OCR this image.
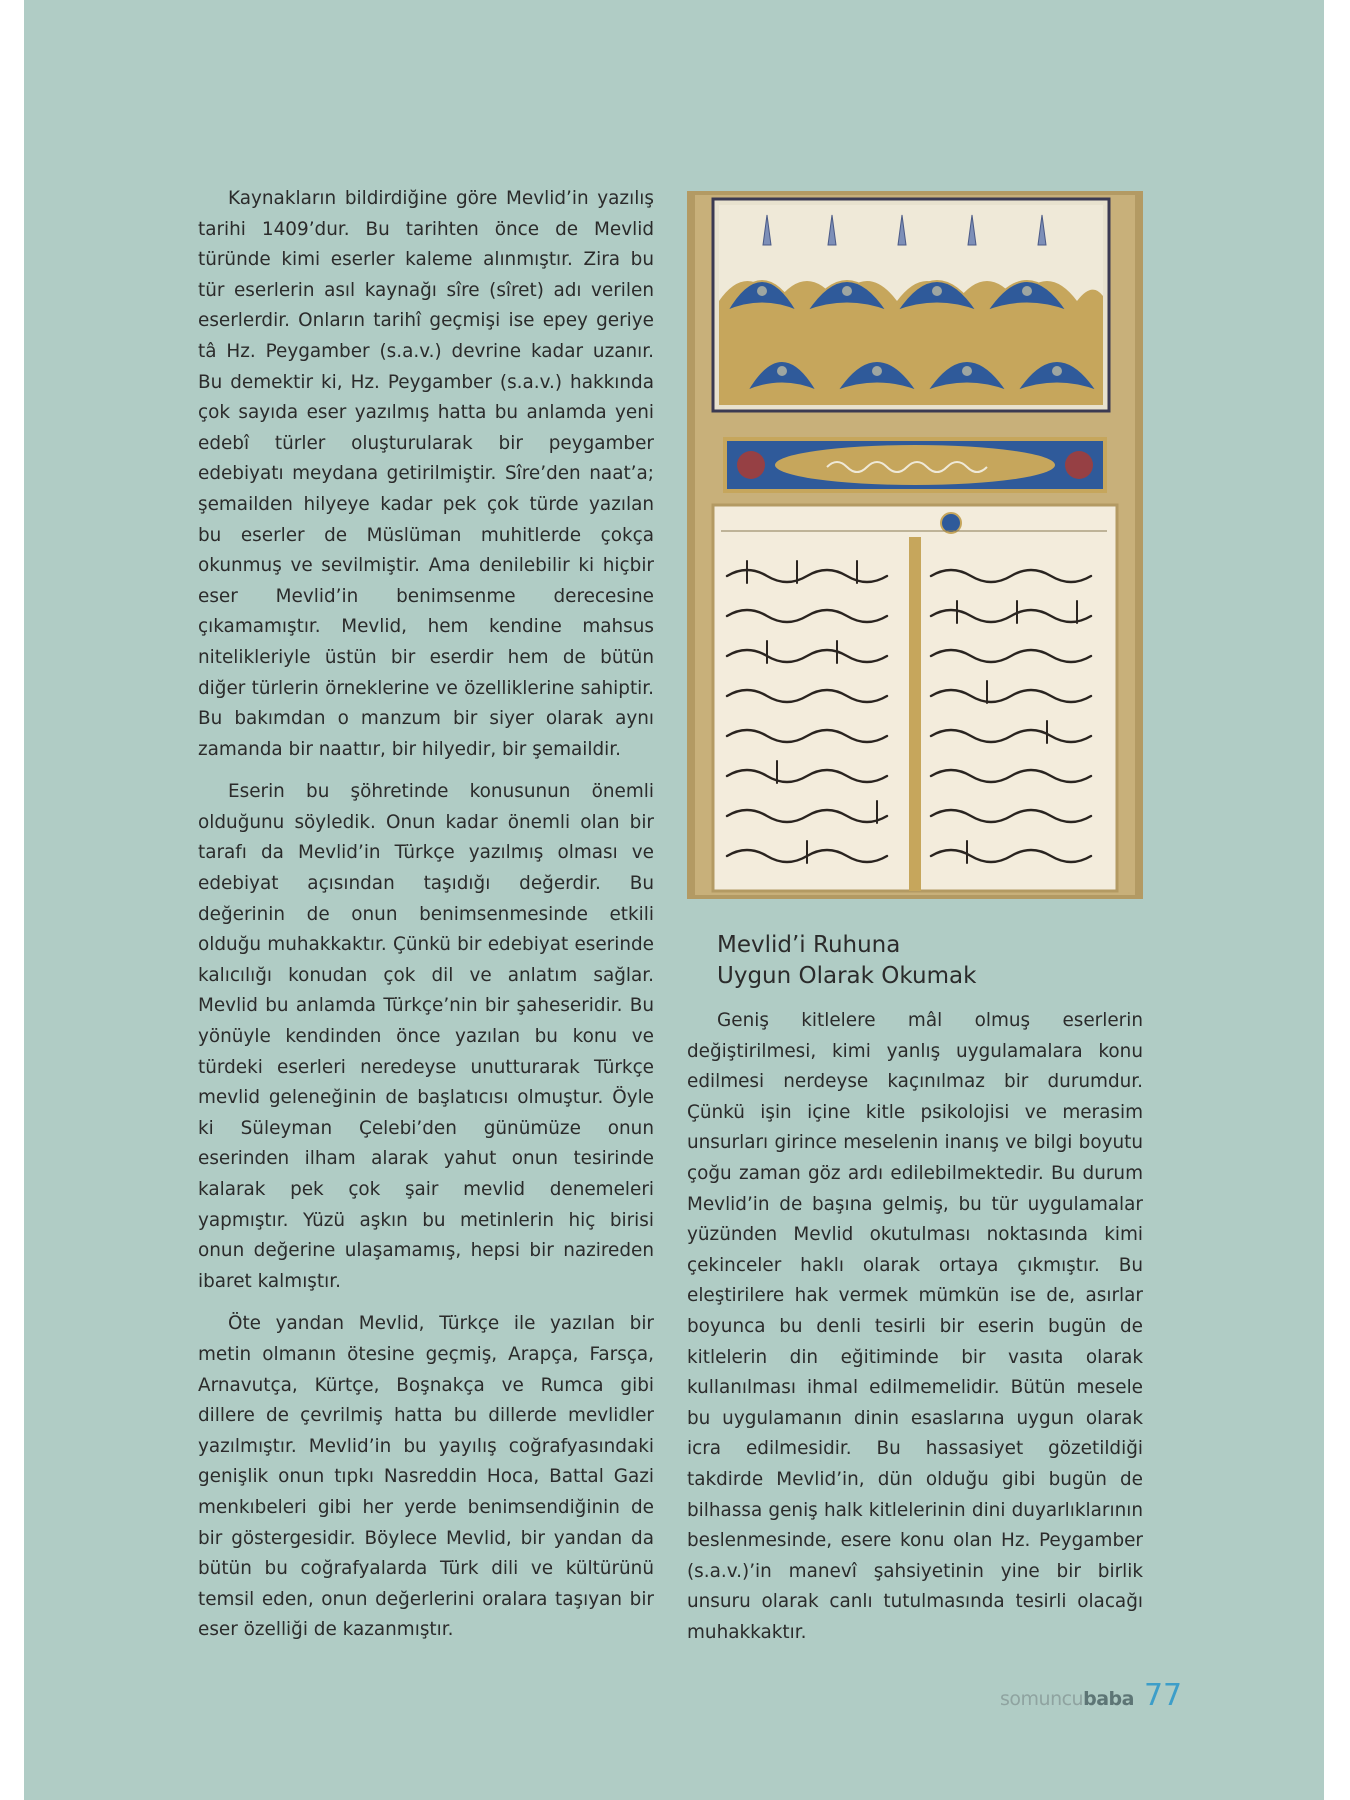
Kaynakların bildirdiğine göre Mevlid’in yazılış tarihi 1409’dur. Bu tarihten önce de Mevlid türünde kimi eserler kaleme alınmıştır. Zira bu tür eserlerin asıl kaynağı sîre (sîret) adı verilen eserlerdir. Onların tarihî geçmişi ise epey geriye tâ Hz. Peygamber (s.a.v.) devrine kadar uzanır. Bu demektir ki, Hz. Peygamber (s.a.v.) hakkında çok sayıda eser yazılmış hatta bu anlamda yeni edebî türler oluşturularak bir peygamber edebiyatı meydana getirilmiştir. Sîre’den naat’a; şemailden hilyeye kadar pek çok türde yazılan bu eserler de Müslüman muhitlerde çokça okunmuş ve sevilmiştir. Ama denilebilir ki hiçbir eser Mevlid’in benimsenme derecesine çıkamamıştır. Mevlid, hem kendine mahsus nitelikleriyle üstün bir eserdir hem de bütün diğer türlerin örneklerine ve özelliklerine sahiptir. Bu bakımdan o manzum bir siyer olarak aynı zamanda bir naattır, bir hilyedir, bir şemaildir.

Eserin bu şöhretinde konusunun önemli olduğunu söyledik. Onun kadar önemli olan bir tarafı da Mevlid’in Türkçe yazılmış olması ve edebiyat açısından taşıdığı değerdir. Bu değerinin de onun benimsenmesinde etkili olduğu muhakkaktır. Çünkü bir edebiyat eserinde kalıcılığı konudan çok dil ve anlatım sağlar. Mevlid bu anlamda Türkçe’nin bir şaheseridir. Bu yönüyle kendinden önce yazılan bu konu ve türdeki eserleri neredeyse unutturarak Türkçe mevlid geleneğinin de başlatıcısı olmuştur. Öyle ki Süleyman Çelebi’den günümüze onun eserinden ilham alarak yahut onun tesirinde kalarak pek çok şair mevlid denemeleri yapmıştır. Yüzü aşkın bu metinlerin hiç birisi onun değerine ulaşamamış, hepsi bir nazireden ibaret kalmıştır.

Öte yandan Mevlid, Türkçe ile yazılan bir metin olmanın ötesine geçmiş, Arapça, Farsça, Arnavutça, Kürtçe, Boşnakça ve Rumca gibi dillere de çevrilmiş hatta bu dillerde mevlidler yazılmıştır. Mevlid’in bu yayılış coğrafyasındaki genişlik onun tıpkı Nasreddin Hoca, Battal Gazi menkıbeleri gibi her yerde benimsendiğinin de bir göstergesidir. Böylece Mevlid, bir yandan da bütün bu coğrafyalarda Türk dili ve kültürünü temsil eden, onun değerlerini oralara taşıyan bir eser özelliği de kazanmıştır.

Mevlid’i Ruhuna
Uygun Olarak Okumak

Geniş kitlelere mâl olmuş eserlerin değiştirilmesi, kimi yanlış uygulamalara konu edilmesi nerdeyse kaçınılmaz bir durumdur. Çünkü işin içine kitle psikolojisi ve merasim unsurları girince meselenin inanış ve bilgi boyutu çoğu zaman göz ardı edilebilmektedir. Bu durum Mevlid’in de başına gelmiş, bu tür uygulamalar yüzünden Mevlid okutulması noktasında kimi çekinceler haklı olarak ortaya çıkmıştır. Bu eleştirilere hak vermek mümkün ise de, asırlar boyunca bu denli tesirli bir eserin bugün de kitlelerin din eğitiminde bir vasıta olarak kullanılması ihmal edilmemelidir. Bütün mesele bu uygulamanın dinin esaslarına uygun olarak icra edilmesidir. Bu hassasiyet gözetildiği takdirde Mevlid’in, dün olduğu gibi bugün de bilhassa geniş halk kitlelerinin dini duyarlıklarının beslenmesinde, esere konu olan Hz. Peygamber (s.a.v.)’in manevî şahsiyetinin yine bir birlik unsuru olarak canlı tutulmasında tesirli olacağı muhakkaktır.

somuncu baba 77
